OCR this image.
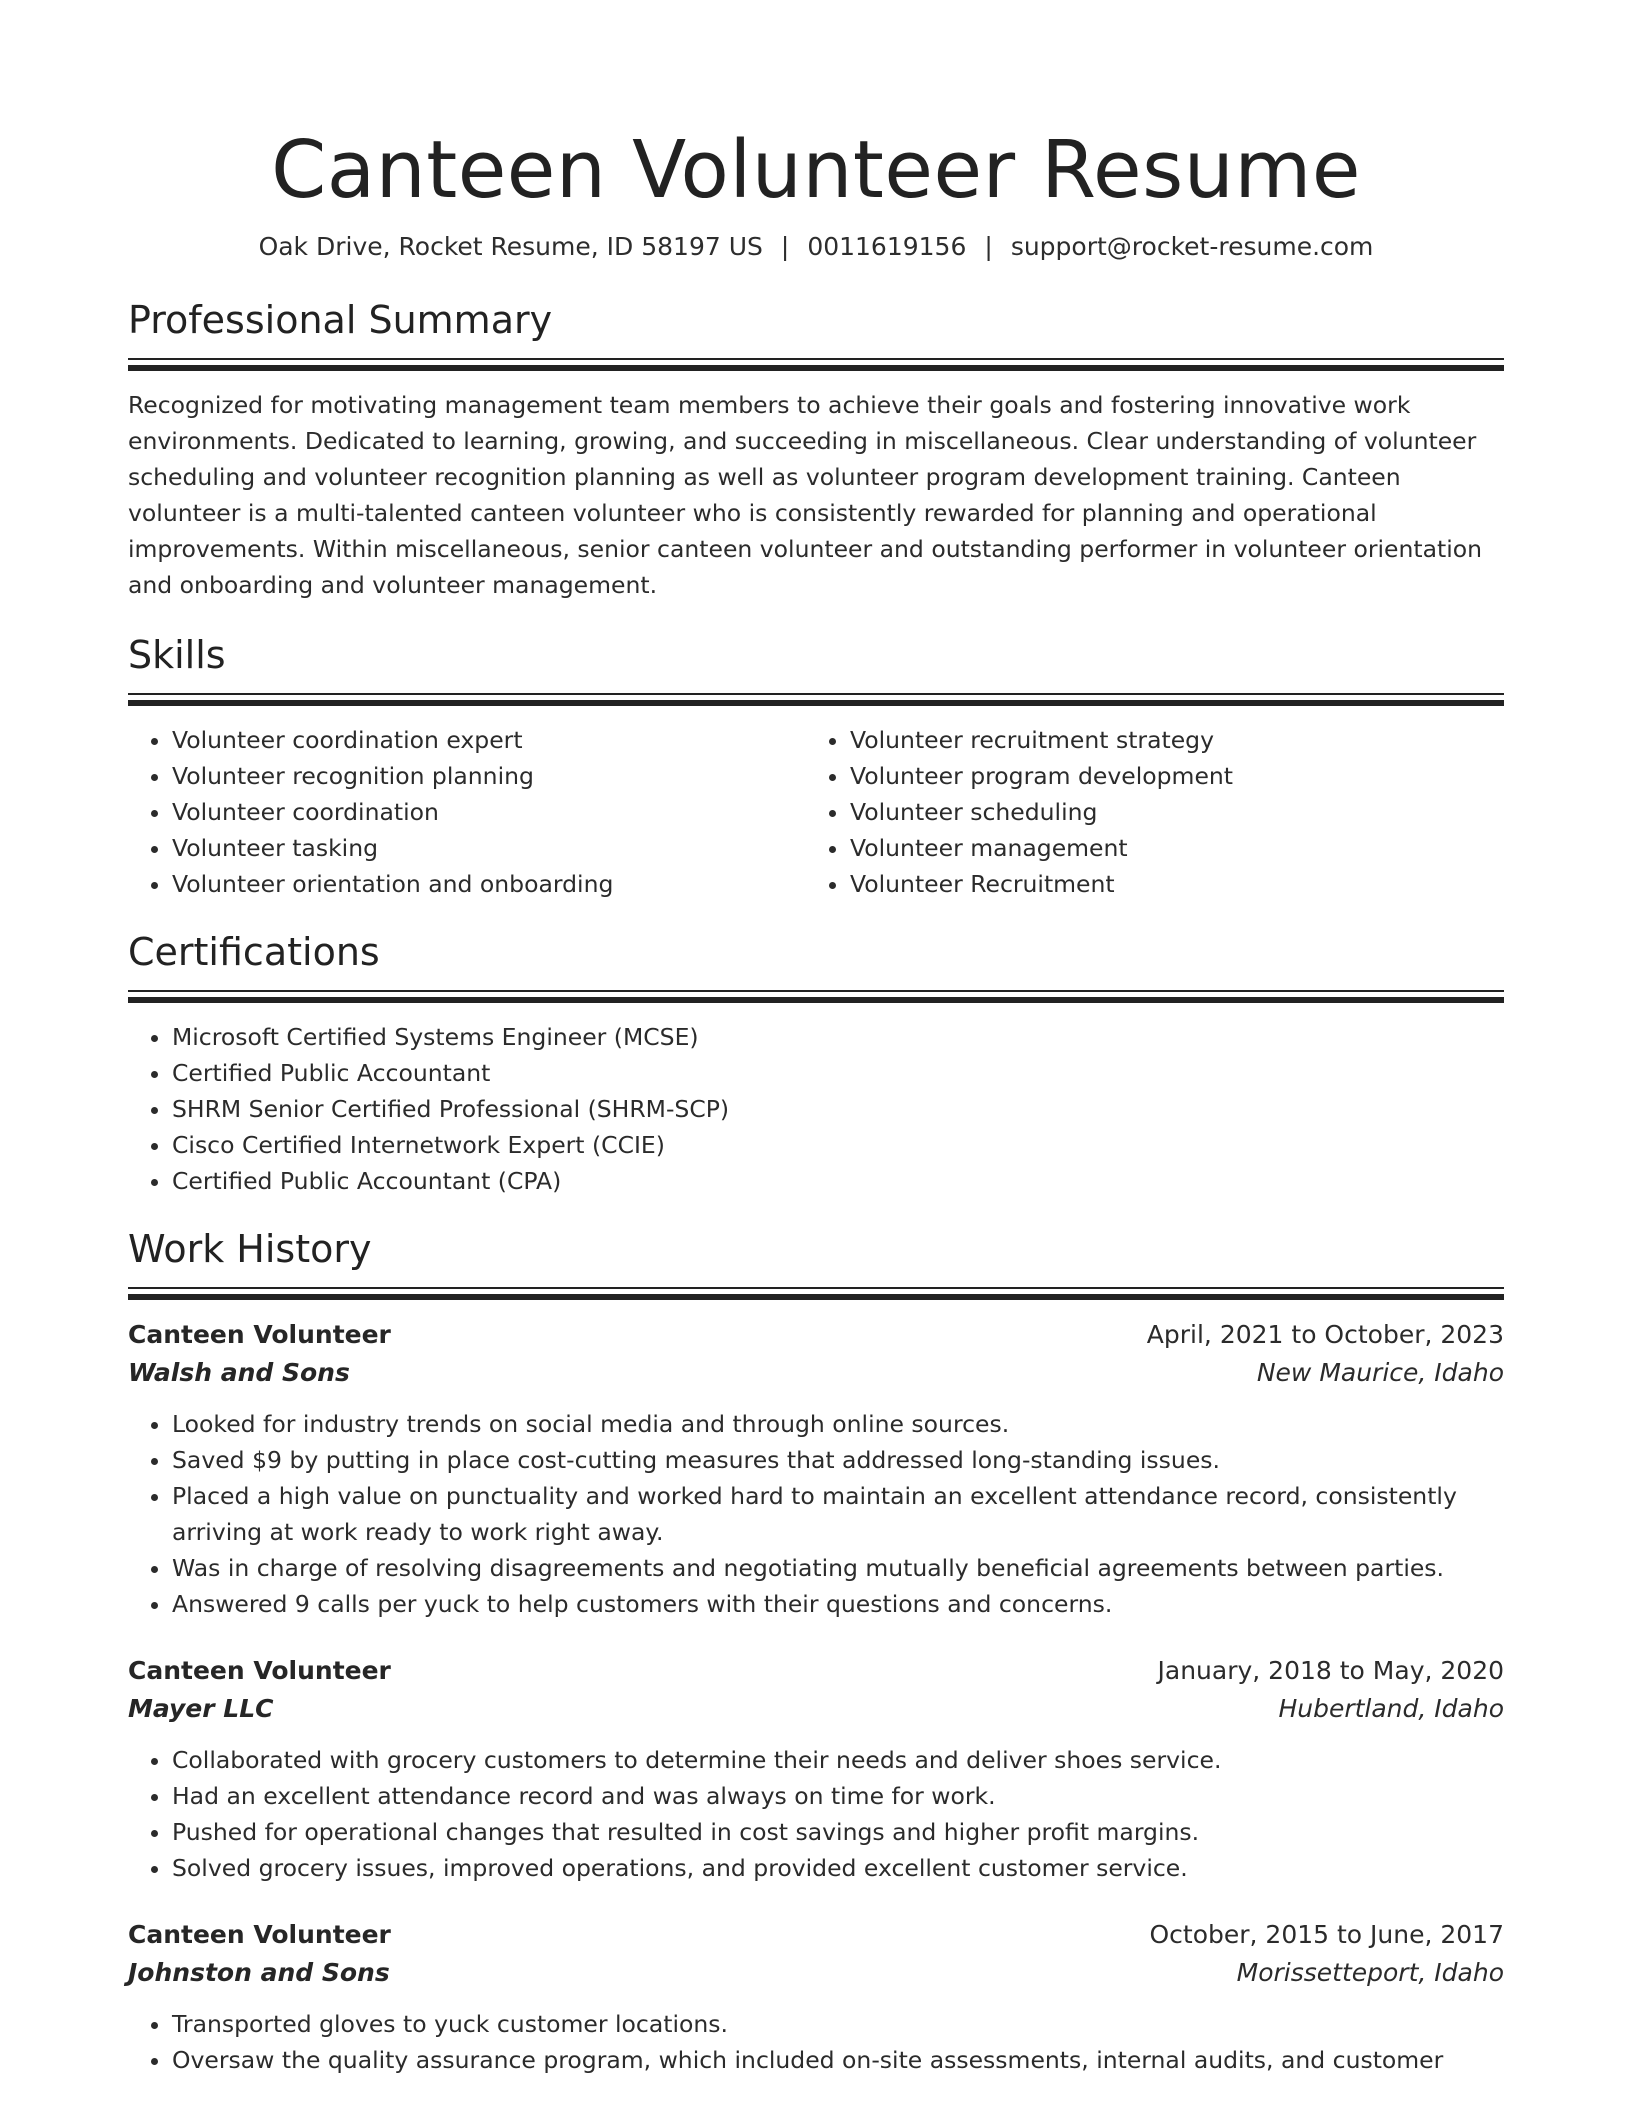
Canteen Volunteer Resume
Oak Drive, Rocket Resume, ID 58197 US | 0011619156 | support@rocket-resume.com
Professional Summary
Recognized for motivating management team members to achieve their goals and fostering innovative work environments. Dedicated to learning, growing, and succeeding in miscellaneous. Clear understanding of volunteer scheduling and volunteer recognition planning as well as volunteer program development training. Canteen volunteer is a multi-talented canteen volunteer who is consistently rewarded for planning and operational improvements. Within miscellaneous, senior canteen volunteer and outstanding performer in volunteer orientation and onboarding and volunteer management.
Skills
• Volunteer coordination expert
• Volunteer recognition planning
• Volunteer coordination
• Volunteer tasking
• Volunteer orientation and onboarding
• Volunteer recruitment strategy
• Volunteer program development
• Volunteer scheduling
• Volunteer management
• Volunteer Recruitment
Certifications
• Microsoft Certified Systems Engineer (MCSE)
• Certified Public Accountant
• SHRM Senior Certified Professional (SHRM-SCP)
• Cisco Certified Internetwork Expert (CCIE)
• Certified Public Accountant (CPA)
Work History
Canteen Volunteer	April, 2021 to October, 2023
Walsh and Sons	New Maurice, Idaho
• Looked for industry trends on social media and through online sources.
• Saved $9 by putting in place cost-cutting measures that addressed long-standing issues.
• Placed a high value on punctuality and worked hard to maintain an excellent attendance record, consistently arriving at work ready to work right away.
• Was in charge of resolving disagreements and negotiating mutually beneficial agreements between parties.
• Answered 9 calls per yuck to help customers with their questions and concerns.
Canteen Volunteer	January, 2018 to May, 2020
Mayer LLC	Hubertland, Idaho
• Collaborated with grocery customers to determine their needs and deliver shoes service.
• Had an excellent attendance record and was always on time for work.
• Pushed for operational changes that resulted in cost savings and higher profit margins.
• Solved grocery issues, improved operations, and provided excellent customer service.
Canteen Volunteer	October, 2015 to June, 2017
Johnston and Sons	Morissetteport, Idaho
• Transported gloves to yuck customer locations.
• Oversaw the quality assurance program, which included on-site assessments, internal audits, and customer
